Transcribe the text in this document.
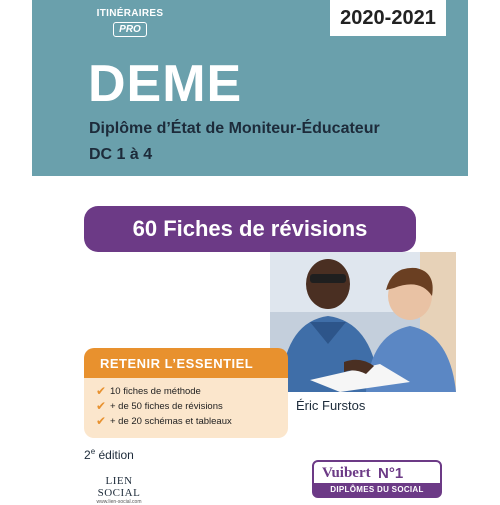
ITINÉRAIRES
PRO
2020-2021
DEME
Diplôme d’État de Moniteur-Éducateur
DC 1 à 4
60 Fiches de révisions
RETENIR L’ESSENTIEL
✔ 10 fiches de méthode
✔ + de 50 fiches de révisions
✔ + de 20 schémas et tableaux
Éric Furstos
2e édition
LIEN SOCIAL
www.lien-social.com
Vuibert N°1
DIPLÔMES DU SOCIAL
